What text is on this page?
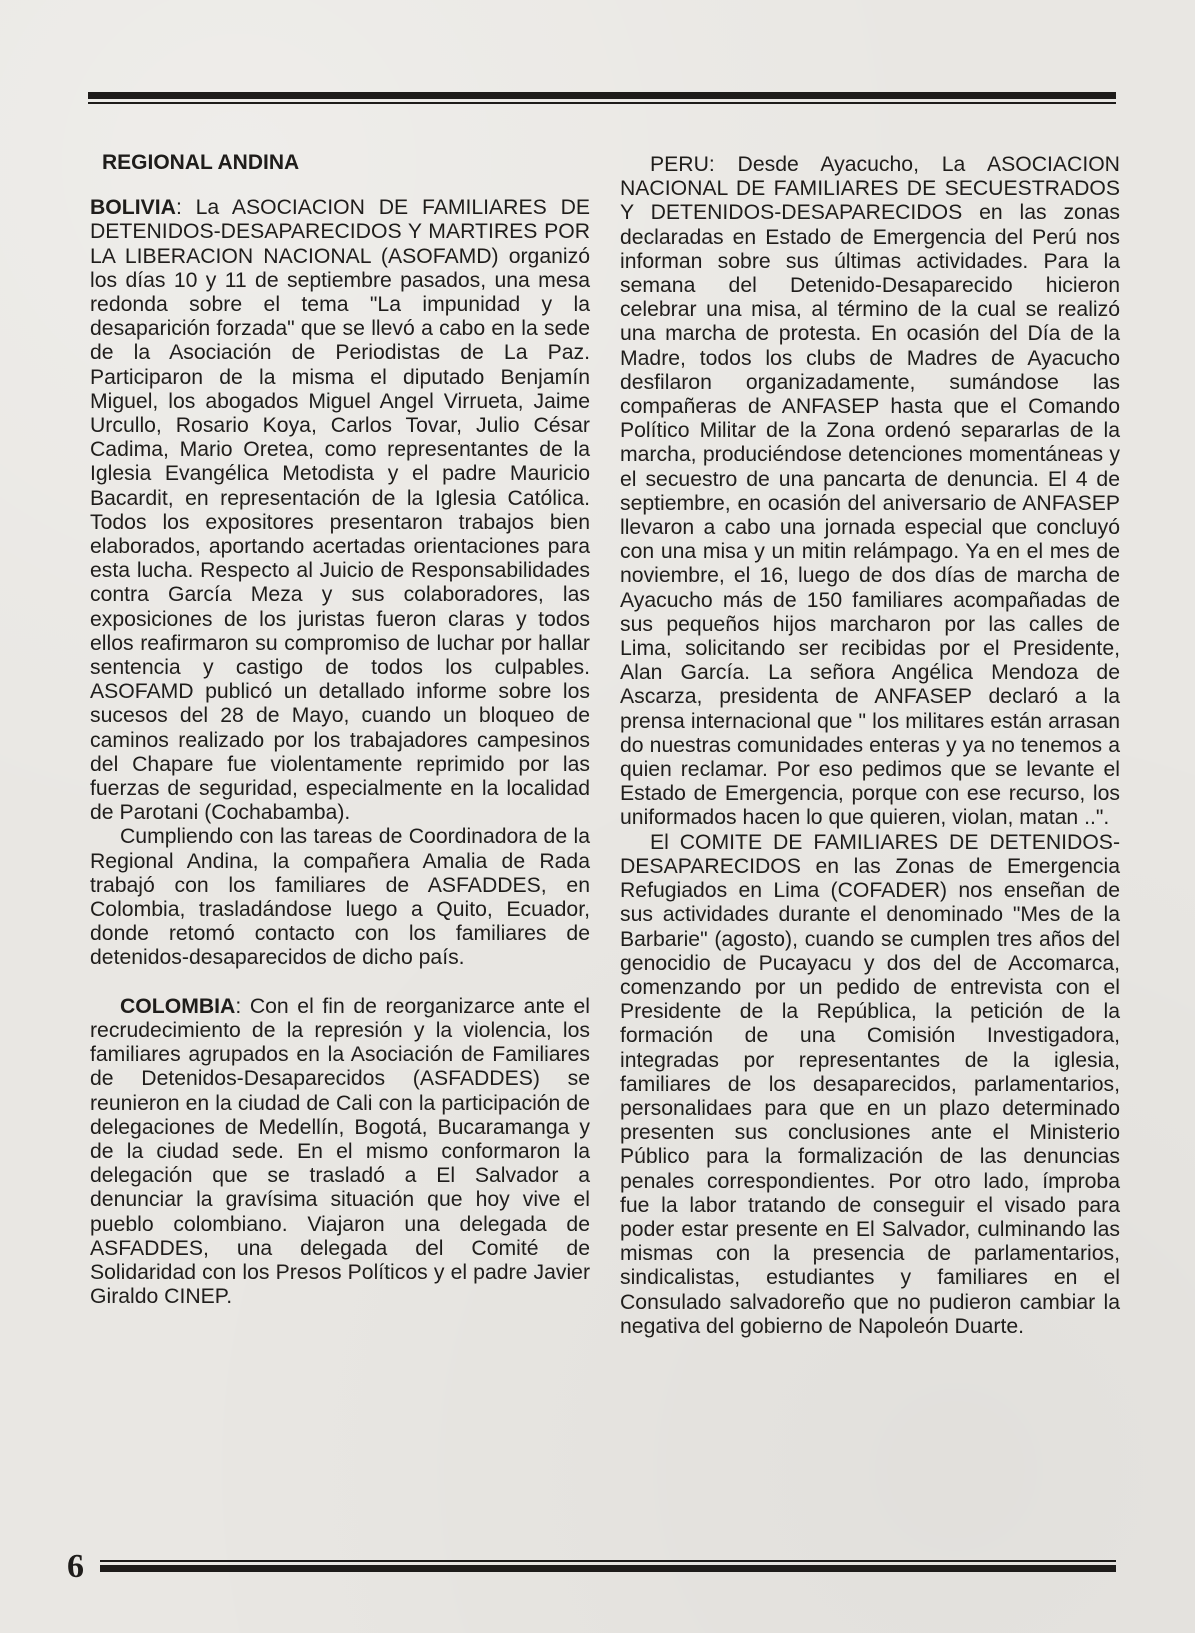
REGIONAL ANDINA

BOLIVIA: La ASOCIACION DE FAMILIARES DE DETENIDOS-DESAPARECIDOS Y MARTIRES POR LA LIBERACION NACIONAL (ASOFAMD) organizó los días 10 y 11 de septiembre pasados, una mesa redonda sobre el tema "La impunidad y la desaparición forzada" que se llevó a cabo en la sede de la Asociación de Periodistas de La Paz. Participaron de la misma el diputado Benjamín Miguel, los abogados Miguel Angel Virrueta, Jaime Urcullo, Rosario Koya, Carlos Tovar, Julio César Cadima, Mario Oretea, como representantes de la Iglesia Evangélica Metodista y el padre Mauricio Bacardit, en representación de la Iglesia Católica. Todos los expositores presentaron trabajos bien elaborados, aportando acertadas orientaciones para esta lucha. Respecto al Juicio de Responsabilidades contra García Meza y sus colaboradores, las exposiciones de los juristas fueron claras y todos ellos reafirmaron su compromiso de luchar por hallar sentencia y castigo de todos los culpables. ASOFAMD publicó un detallado informe sobre los sucesos del 28 de Mayo, cuando un bloqueo de caminos realizado por los trabajadores campesinos del Chapare fue violentamente reprimido por las fuerzas de seguridad, especialmente en la localidad de Parotani (Cochabamba).

Cumpliendo con las tareas de Coordinadora de la Regional Andina, la compañera Amalia de Rada trabajó con los familiares de ASFADDES, en Colombia, trasladándose luego a Quito, Ecuador, donde retomó contacto con los familiares de detenidos-desaparecidos de dicho país.

COLOMBIA: Con el fin de reorganizarce ante el recrudecimiento de la represión y la violencia, los familiares agrupados en la Asociación de Familiares de Detenidos-Desaparecidos (ASFADDES) se reunieron en la ciudad de Cali con la participación de delegaciones de Medellín, Bogotá, Bucaramanga y de la ciudad sede. En el mismo conformaron la delegación que se trasladó a El Salvador a denunciar la gravísima situación que hoy vive el pueblo colombiano. Viajaron una delegada de ASFADDES, una delegada del Comité de Solidaridad con los Presos Políticos y el padre Javier Giraldo CINEP.

PERU: Desde Ayacucho, La ASOCIACION NACIONAL DE FAMILIARES DE SECUESTRADOS Y DETENIDOS-DESAPARECIDOS en las zonas declaradas en Estado de Emergencia del Perú nos informan sobre sus últimas actividades. Para la semana del Detenido-Desaparecido hicieron celebrar una misa, al término de la cual se realizó una marcha de protesta. En ocasión del Día de la Madre, todos los clubs de Madres de Ayacucho desfilaron organizadamente, sumándose las compañeras de ANFASEP hasta que el Comando Político Militar de la Zona ordenó separarlas de la marcha, produciéndose detenciones momentáneas y el secuestro de una pancarta de denuncia. El 4 de septiembre, en ocasión del aniversario de ANFASEP llevaron a cabo una jornada especial que concluyó con una misa y un mitin relámpago. Ya en el mes de noviembre, el 16, luego de dos días de marcha de Ayacucho más de 150 familiares acompañadas de sus pequeños hijos marcharon por las calles de Lima, solicitando ser recibidas por el Presidente, Alan García. La señora Angélica Mendoza de Ascarza, presidenta de ANFASEP declaró a la prensa internacional que " los militares están arrasan do nuestras comunidades enteras y ya no tenemos a quien reclamar. Por eso pedimos que se levante el Estado de Emergencia, porque con ese recurso, los uniformados hacen lo que quieren, violan, matan ..".

El COMITE DE FAMILIARES DE DETENIDOS-DESAPARECIDOS en las Zonas de Emergencia Refugiados en Lima (COFADER) nos enseñan de sus actividades durante el denominado "Mes de la Barbarie" (agosto), cuando se cumplen tres años del genocidio de Pucayacu y dos del de Accomarca, comenzando por un pedido de entrevista con el Presidente de la República, la petición de la formación de una Comisión Investigadora, integradas por representantes de la iglesia, familiares de los desaparecidos, parlamentarios, personalidaes para que en un plazo determinado presenten sus conclusiones ante el Ministerio Público para la formalización de las denuncias penales correspondientes. Por otro lado, ímproba fue la labor tratando de conseguir el visado para poder estar presente en El Salvador, culminando las mismas con la presencia de parlamentarios, sindicalistas, estudiantes y familiares en el Consulado salvadoreño que no pudieron cambiar la negativa del gobierno de Napoleón Duarte.

6
